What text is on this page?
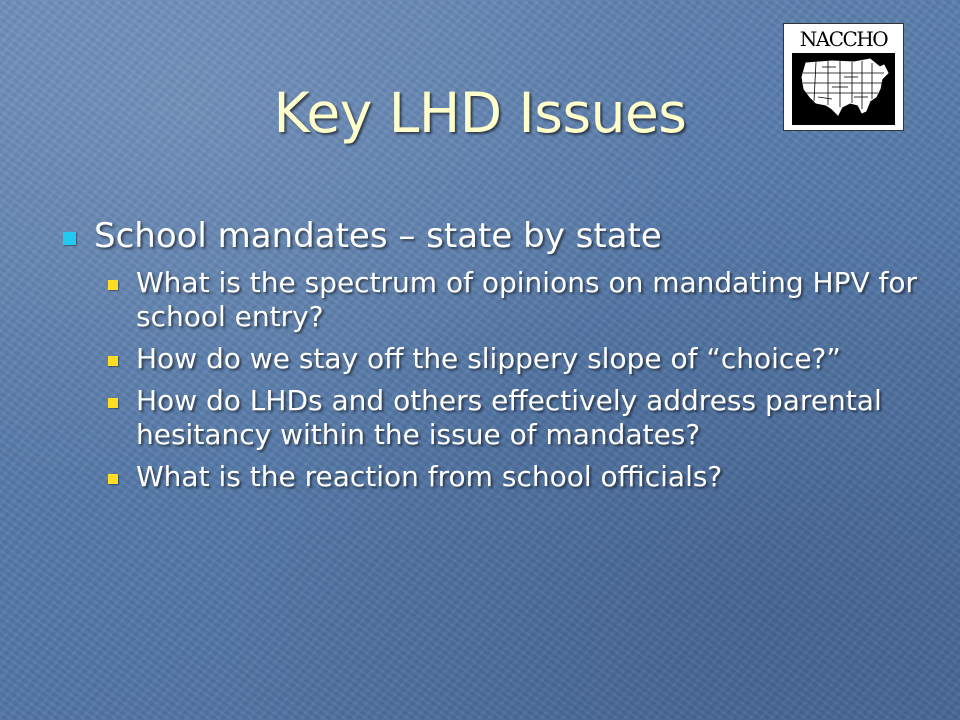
Key LHD Issues
NACCHO
School mandates – state by state
What is the spectrum of opinions on mandating HPV for school entry?
How do we stay off the slippery slope of “choice?”
How do LHDs and others effectively address parental hesitancy within the issue of mandates?
What is the reaction from school officials?
